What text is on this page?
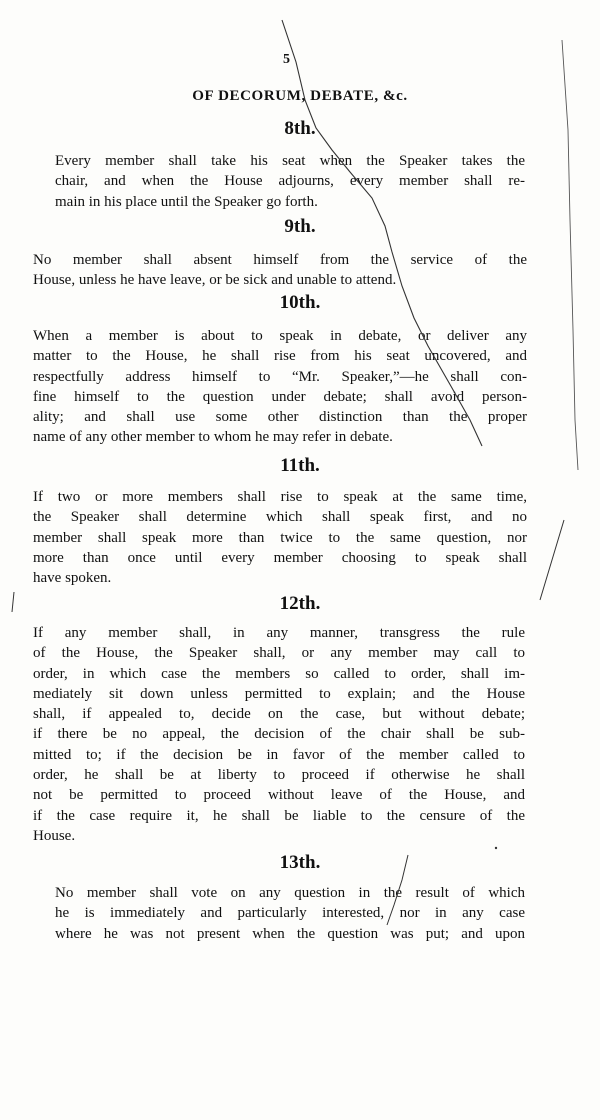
5
OF DECORUM, DEBATE, &c.
8th.
Every member shall take his seat when the Speaker takes the
chair, and when the House adjourns, every member shall re-
main in his place until the Speaker go forth.
9th.
No member shall absent himself from the service of the
House, unless he have leave, or be sick and unable to attend.
10th.
When a member is about to speak in debate, or deliver any
matter to the House, he shall rise from his seat uncovered, and
respectfully address himself to “Mr. Speaker,”—he shall con-
fine himself to the question under debate; shall avoid person-
ality; and shall use some other distinction than the proper
name of any other member to whom he may refer in debate.
11th.
If two or more members shall rise to speak at the same time,
the Speaker shall determine which shall speak first, and no
member shall speak more than twice to the same question, nor
more than once until every member choosing to speak shall
have spoken.
12th.
If any member shall, in any manner, transgress the rule
of the House, the Speaker shall, or any member may call to
order, in which case the members so called to order, shall im-
mediately sit down unless permitted to explain; and the House
shall, if appealed to, decide on the case, but without debate;
if there be no appeal, the decision of the chair shall be sub-
mitted to; if the decision be in favor of the member called to
order, he shall be at liberty to proceed if otherwise he shall
not be permitted to proceed without leave of the House, and
if the case require it, he shall be liable to the censure of the
House.
13th.
No member shall vote on any question in the result of which
he is immediately and particularly interested, nor in any case
where he was not present when the question was put; and upon
